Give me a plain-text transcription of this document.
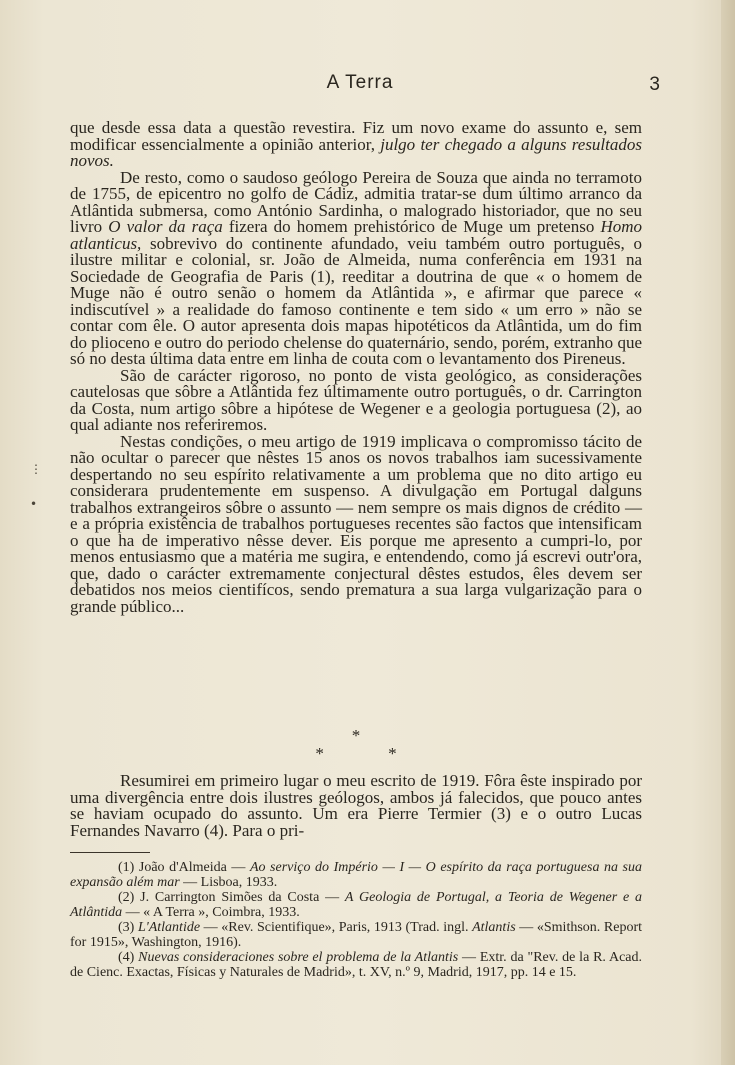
A Terra	3
⋮
•

que desde essa data a questão revestira. Fiz um novo exame do assunto e, sem modificar essencialmente a opinião anterior, julgo ter chegado a alguns resultados novos.

De resto, como o saudoso geólogo Pereira de Souza que ainda no terramoto de 1755, de epicentro no golfo de Cádiz, admitia tratar-se dum último arranco da Atlântida submersa, como António Sardinha, o malogrado historiador, que no seu livro O valor da raça fizera do homem prehistórico de Muge um pretenso Homo atlanticus, sobrevivo do continente afundado, veiu também outro português, o ilustre militar e colonial, sr. João de Almeida, numa conferência em 1931 na Sociedade de Geografia de Paris (1), reeditar a doutrina de que « o homem de Muge não é outro senão o homem da Atlântida », e afirmar que parece « indiscutível » a realidade do famoso continente e tem sido « um erro » não se contar com êle. O autor apresenta dois mapas hipotéticos da Atlântida, um do fim do plioceno e outro do periodo chelense do quaternário, sendo, porém, extranho que só no desta última data entre em linha de couta com o levantamento dos Pireneus.

São de carácter rigoroso, no ponto de vista geológico, as considerações cautelosas que sôbre a Atlântida fez últimamente outro português, o dr. Carrington da Costa, num artigo sôbre a hipótese de Wegener e a geologia portuguesa (2), ao qual adiante nos referiremos.

Nestas condições, o meu artigo de 1919 implicava o compromisso tácito de não ocultar o parecer que nêstes 15 anos os novos trabalhos iam sucessivamente despertando no seu espírito relativamente a um problema que no dito artigo eu considerara prudentemente em suspenso. A divulgação em Portugal dalguns trabalhos extrangeiros sôbre o assunto — nem sempre os mais dignos de crédito — e a própria existência de trabalhos portugueses recentes são factos que intensificam o que ha de imperativo nêsse dever. Eis porque me apresento a cumpri-lo, por menos entusiasmo que a matéria me sugira, e entendendo, como já escrevi outr'ora, que, dado o carácter extremamente conjectural dêstes estudos, êles devem ser debatidos nos meios cientifícos, sendo prematura a sua larga vulgarização para o grande público...

*
* *

Resumirei em primeiro lugar o meu escrito de 1919. Fôra êste inspirado por uma divergência entre dois ilustres geólogos, ambos já falecidos, que pouco antes se haviam ocupado do assunto. Um era Pierre Termier (3) e o outro Lucas Fernandes Navarro (4). Para o pri-

(1) João d'Almeida — Ao serviço do Império — I — O espírito da raça portuguesa na sua expansão além mar — Lisboa, 1933.

(2) J. Carrington Simões da Costa — A Geologia de Portugal, a Teoria de Wegener e a Atlântida — « A Terra », Coimbra, 1933.

(3) L'Atlantide — «Rev. Scientifique», Paris, 1913 (Trad. ingl. Atlantis — «Smithson. Report for 1915», Washington, 1916).

(4) Nuevas consideraciones sobre el problema de la Atlantis — Extr. da "Rev. de la R. Acad. de Cienc. Exactas, Físicas y Naturales de Madrid», t. XV, n.º 9, Madrid, 1917, pp. 14 e 15.
